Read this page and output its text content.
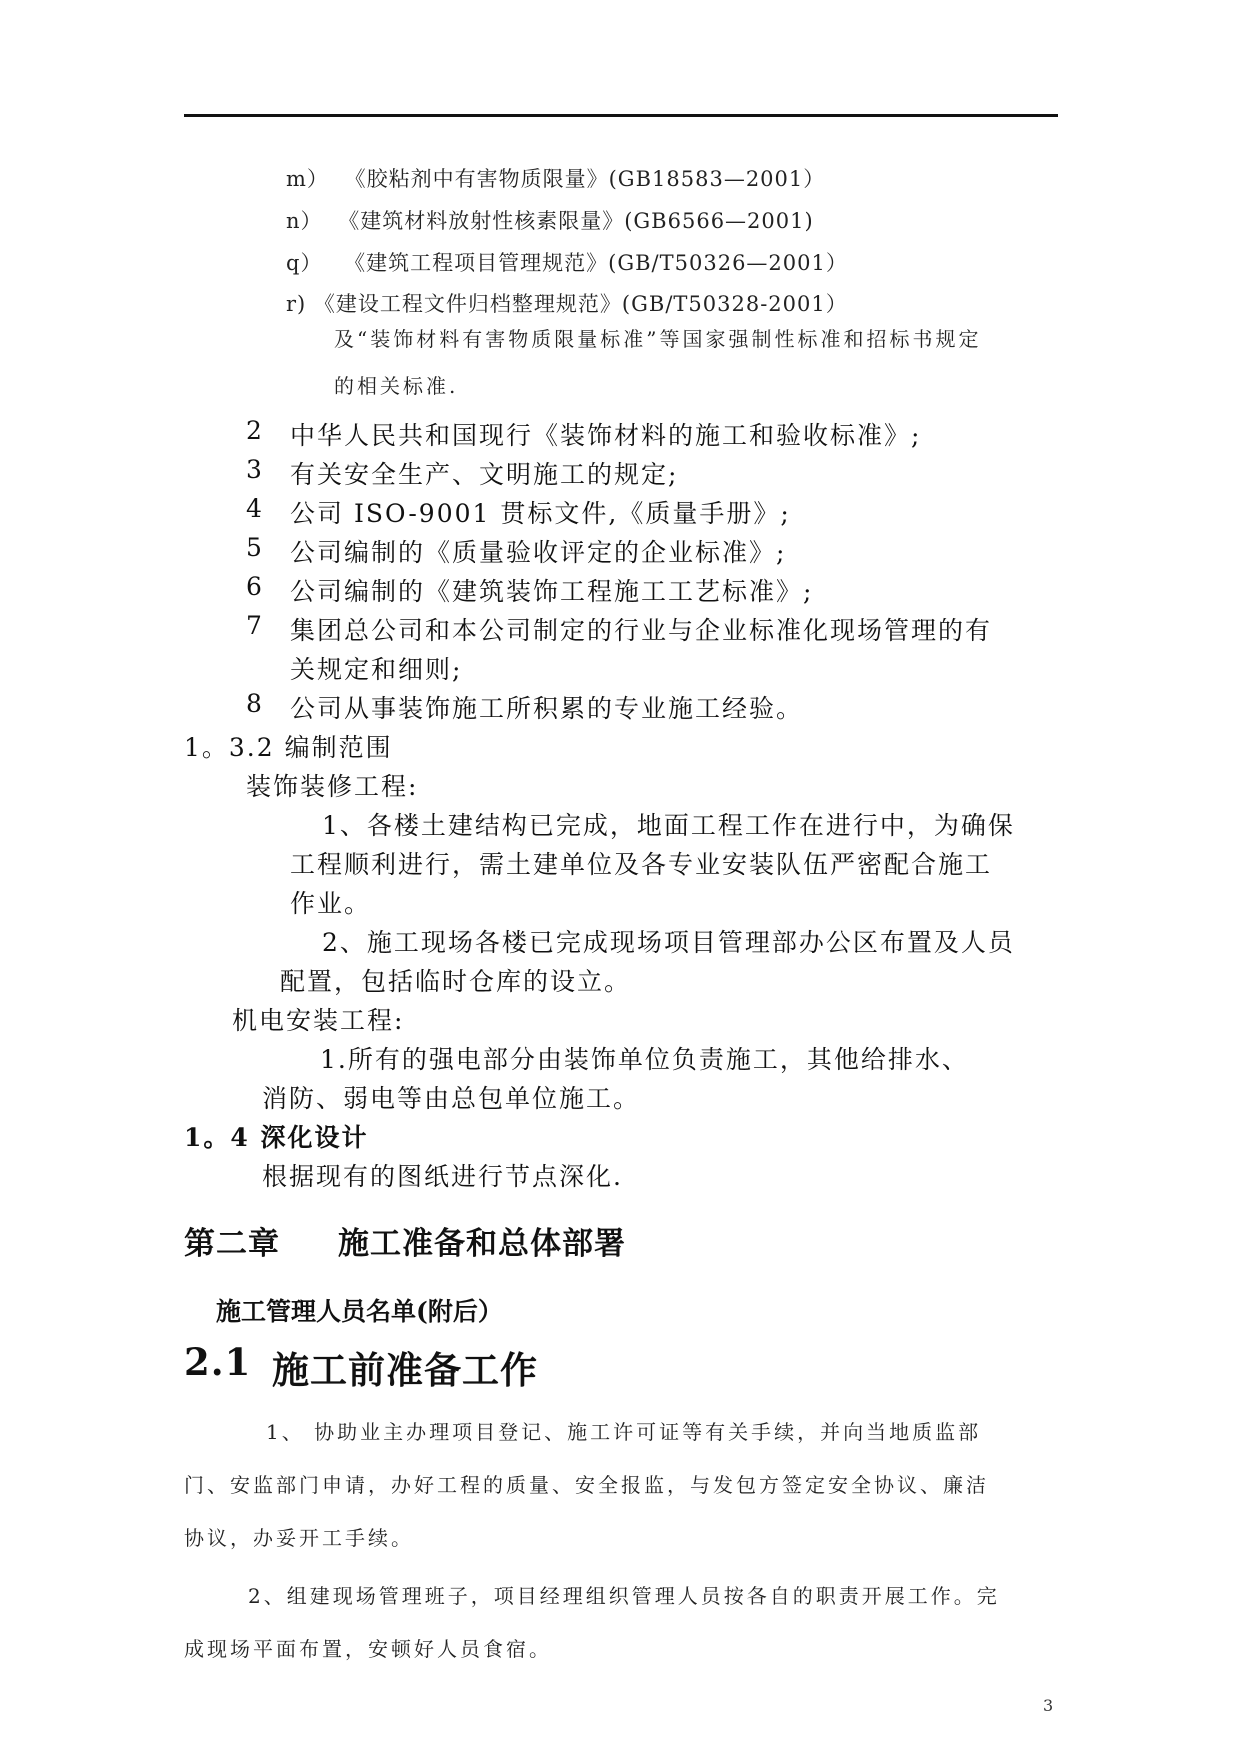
m） 《胶粘剂中有害物质限量》(GB18583—2001）
n） 《建筑材料放射性核素限量》(GB6566—2001)
q） 《建筑工程项目管理规范》(GB/T50326—2001）
r) 《建设工程文件归档整理规范》(GB/T50328-2001）
及“装饰材料有害物质限量标准”等国家强制性标准和招标书规定
的相关标准.
2 中华人民共和国现行《装饰材料的施工和验收标准》;
3 有关安全生产、文明施工的规定;
4 公司 ISO-9001 贯标文件,《质量手册》;
5 公司编制的《质量验收评定的企业标准》;
6 公司编制的《建筑装饰工程施工工艺标准》;
7 集团总公司和本公司制定的行业与企业标准化现场管理的有
关规定和细则;
8 公司从事装饰施工所积累的专业施工经验。
1。3.2 编制范围
装饰装修工程:
1、各楼土建结构已完成，地面工程工作在进行中，为确保
工程顺利进行，需土建单位及各专业安装队伍严密配合施工
作业。
2、施工现场各楼已完成现场项目管理部办公区布置及人员
配置，包括临时仓库的设立。
机电安装工程:
1.所有的强电部分由装饰单位负责施工，其他给排水、
消防、弱电等由总包单位施工。
1。4 深化设计
根据现有的图纸进行节点深化.
第二章 施工准备和总体部署
施工管理人员名单(附后）
2.1 施工前准备工作
1、 协助业主办理项目登记、施工许可证等有关手续，并向当地质监部
门、安监部门申请，办好工程的质量、安全报监，与发包方签定安全协议、廉洁
协议，办妥开工手续。
2、组建现场管理班子，项目经理组织管理人员按各自的职责开展工作。完
成现场平面布置，安顿好人员食宿。
3
